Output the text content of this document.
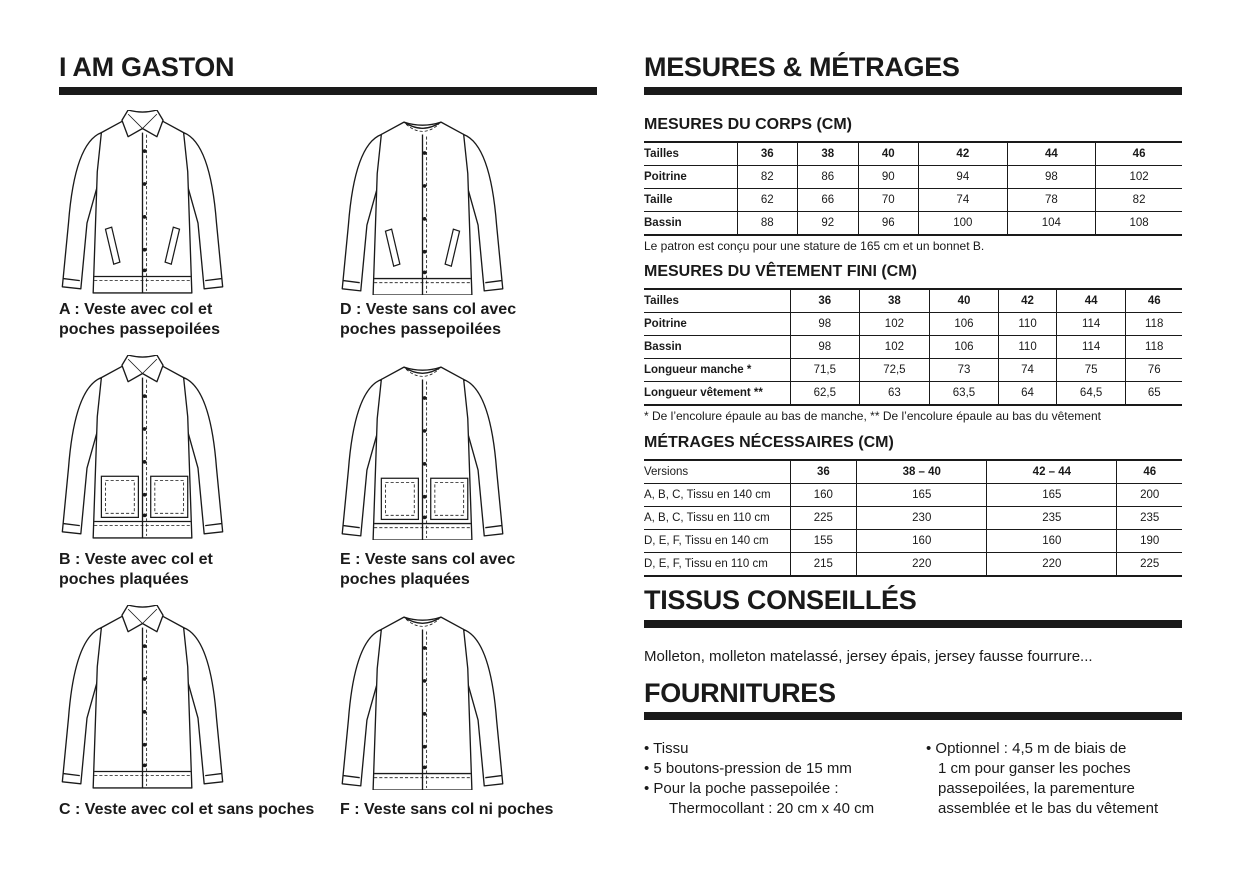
I AM GASTON
A : Veste avec col et
poches passepoilées
D : Veste sans col avec
poches passepoilées
B : Veste avec col et
poches plaquées
E : Veste sans col avec
poches plaquées
C : Veste avec col et sans poches	F : Veste sans col ni poches
MESURES & MÉTRAGES
MESURES DU CORPS (CM)
Tailles	36	38	40	42	44	46
Poitrine	82	86	90	94	98	102
Taille	62	66	70	74	78	82
Bassin	88	92	96	100	104	108
Le patron est conçu pour une stature de 165 cm et un bonnet B.
MESURES DU VÊTEMENT FINI (CM)
Tailles	36	38	40	42	44	46
Poitrine	98	102	106	110	114	118
Bassin	98	102	106	110	114	118
Longueur manche *	71,5	72,5	73	74	75	76
Longueur vêtement **	62,5	63	63,5	64	64,5	65
* De l’encolure épaule au bas de manche, ** De l’encolure épaule au bas du vêtement
MÉTRAGES NÉCESSAIRES (CM)
Versions	36	38 – 40	42 – 44	46
A, B, C, Tissu en 140 cm	160	165	165	200
A, B, C, Tissu en 110 cm	225	230	235	235
D, E, F, Tissu en 140 cm	155	160	160	190
D, E, F, Tissu en 110 cm	215	220	220	225
TISSUS CONSEILLÉS
Molleton, molleton matelassé, jersey épais, jersey fausse fourrure...
FOURNITURES
• Tissu
• 5 boutons-pression de 15 mm
• Pour la poche passepoilée :
Thermocollant : 20 cm x 40 cm
• Optionnel : 4,5 m de biais de
1 cm pour ganser les poches
passepoilées, la parementure
assemblée et le bas du vêtement
